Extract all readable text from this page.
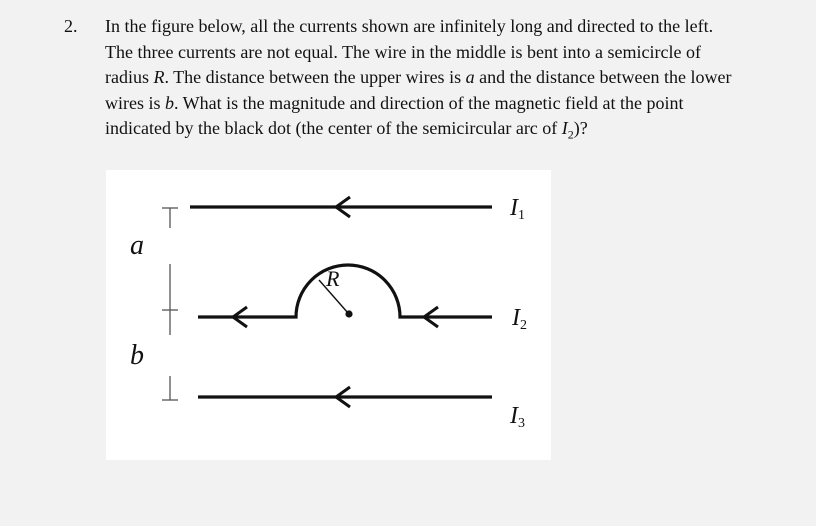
2. In the figure below, all the currents shown are infinitely long and directed to the left.
The three currents are not equal. The wire in the middle is bent into a semicircle of
radius R. The distance between the upper wires is a and the distance between the lower
wires is b. What is the magnitude and direction of the magnetic field at the point
indicated by the black dot (the center of the semicircular arc of $I_2$)?
a
b
R
$I_1$
$I_2$
$I_3$
